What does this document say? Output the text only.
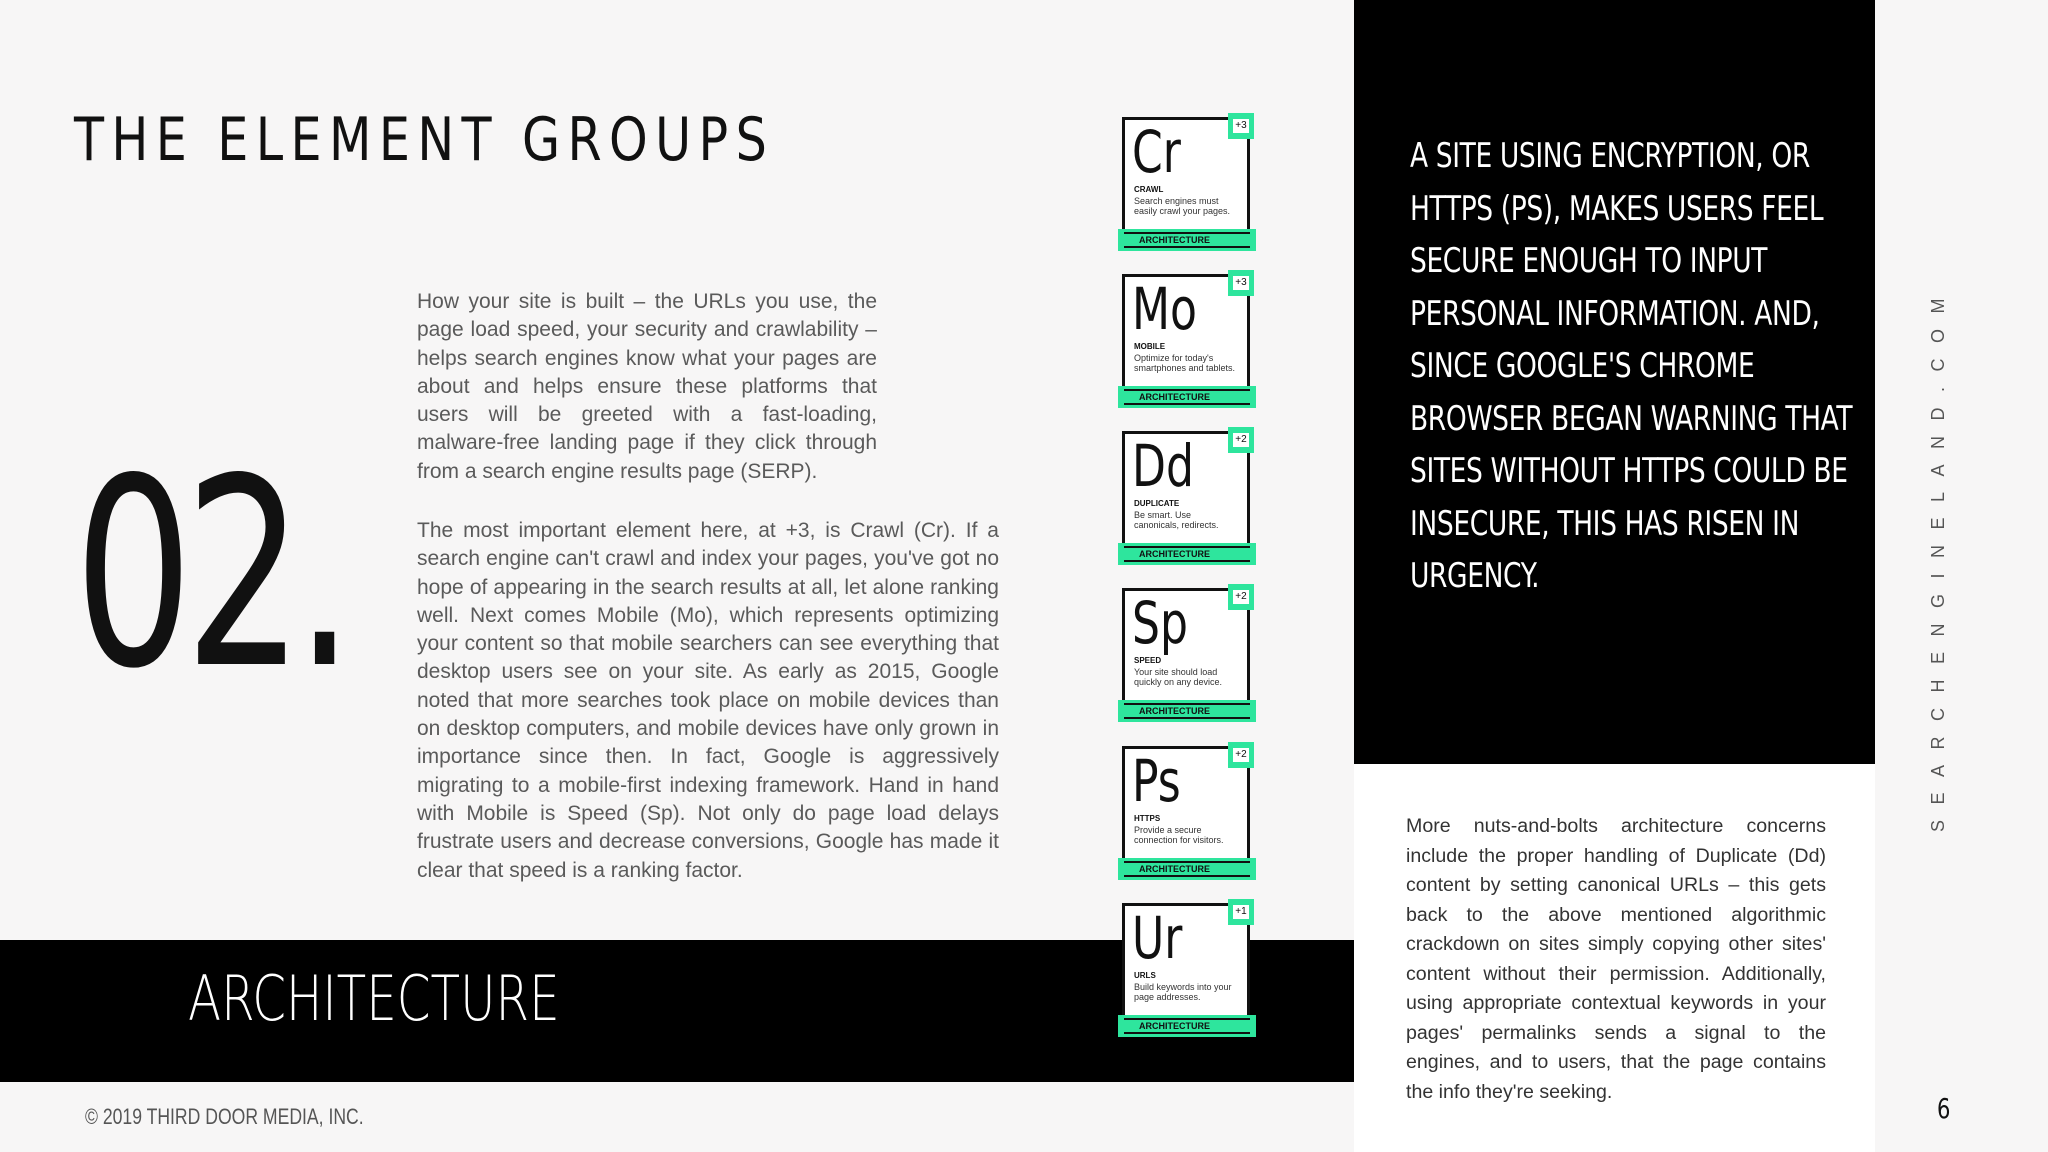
THE ELEMENT GROUPS
02.

How your site is built – the URLs you use, the page load speed, your security and crawlability – helps search engines know what your pages are about and helps ensure these platforms that users will be greeted with a fast-loading, malware-free landing page if they click through from a search engine results page (SERP).

The most important element here, at +3, is Crawl (Cr). If a search engine can't crawl and index your pages, you've got no hope of appearing in the search results at all, let alone ranking well. Next comes Mobile (Mo), which represents optimizing your content so that mobile searchers can see everything that desktop users see on your site. As early as 2015, Google noted that more searches took place on mobile devices than on desktop computers, and mobile devices have only grown in importance since then. In fact, Google is aggressively migrating to a mobile-first indexing framework. Hand in hand with Mobile is Speed (Sp). Not only do page load delays frustrate users and decrease conversions, Google has made it clear that speed is a ranking factor.

ARCHITECTURE
+3
Cr
CRAWL
Search engines must easily crawl your pages.
ARCHITECTURE
+3
Mo
MOBILE
Optimize for today's smartphones and tablets.
ARCHITECTURE
+2
Dd
DUPLICATE
Be smart. Use canonicals, redirects.
ARCHITECTURE
+2
Sp
SPEED
Your site should load quickly on any device.
ARCHITECTURE
+2
Ps
HTTPS
Provide a secure connection for visitors.
ARCHITECTURE
+1
Ur
URLS
Build keywords into your page addresses.
ARCHITECTURE

A SITE USING ENCRYPTION, OR HTTPS (PS), MAKES USERS FEEL SECURE ENOUGH TO INPUT PERSONAL INFORMATION. AND, SINCE GOOGLE'S CHROME BROWSER BEGAN WARNING THAT SITES WITHOUT HTTPS COULD BE INSECURE, THIS HAS RISEN IN URGENCY.

More nuts-and-bolts architecture concerns include the proper handling of Duplicate (Dd) content by setting canonical URLs – this gets back to the above mentioned algorithmic crackdown on sites simply copying other sites' content without their permission. Additionally, using appropriate contextual keywords in your pages' permalinks sends a signal to the engines, and to users, that the page contains the info they're seeking.

© 2019 THIRD DOOR MEDIA, INC.
SEARCHENGINELAND.COM
6
